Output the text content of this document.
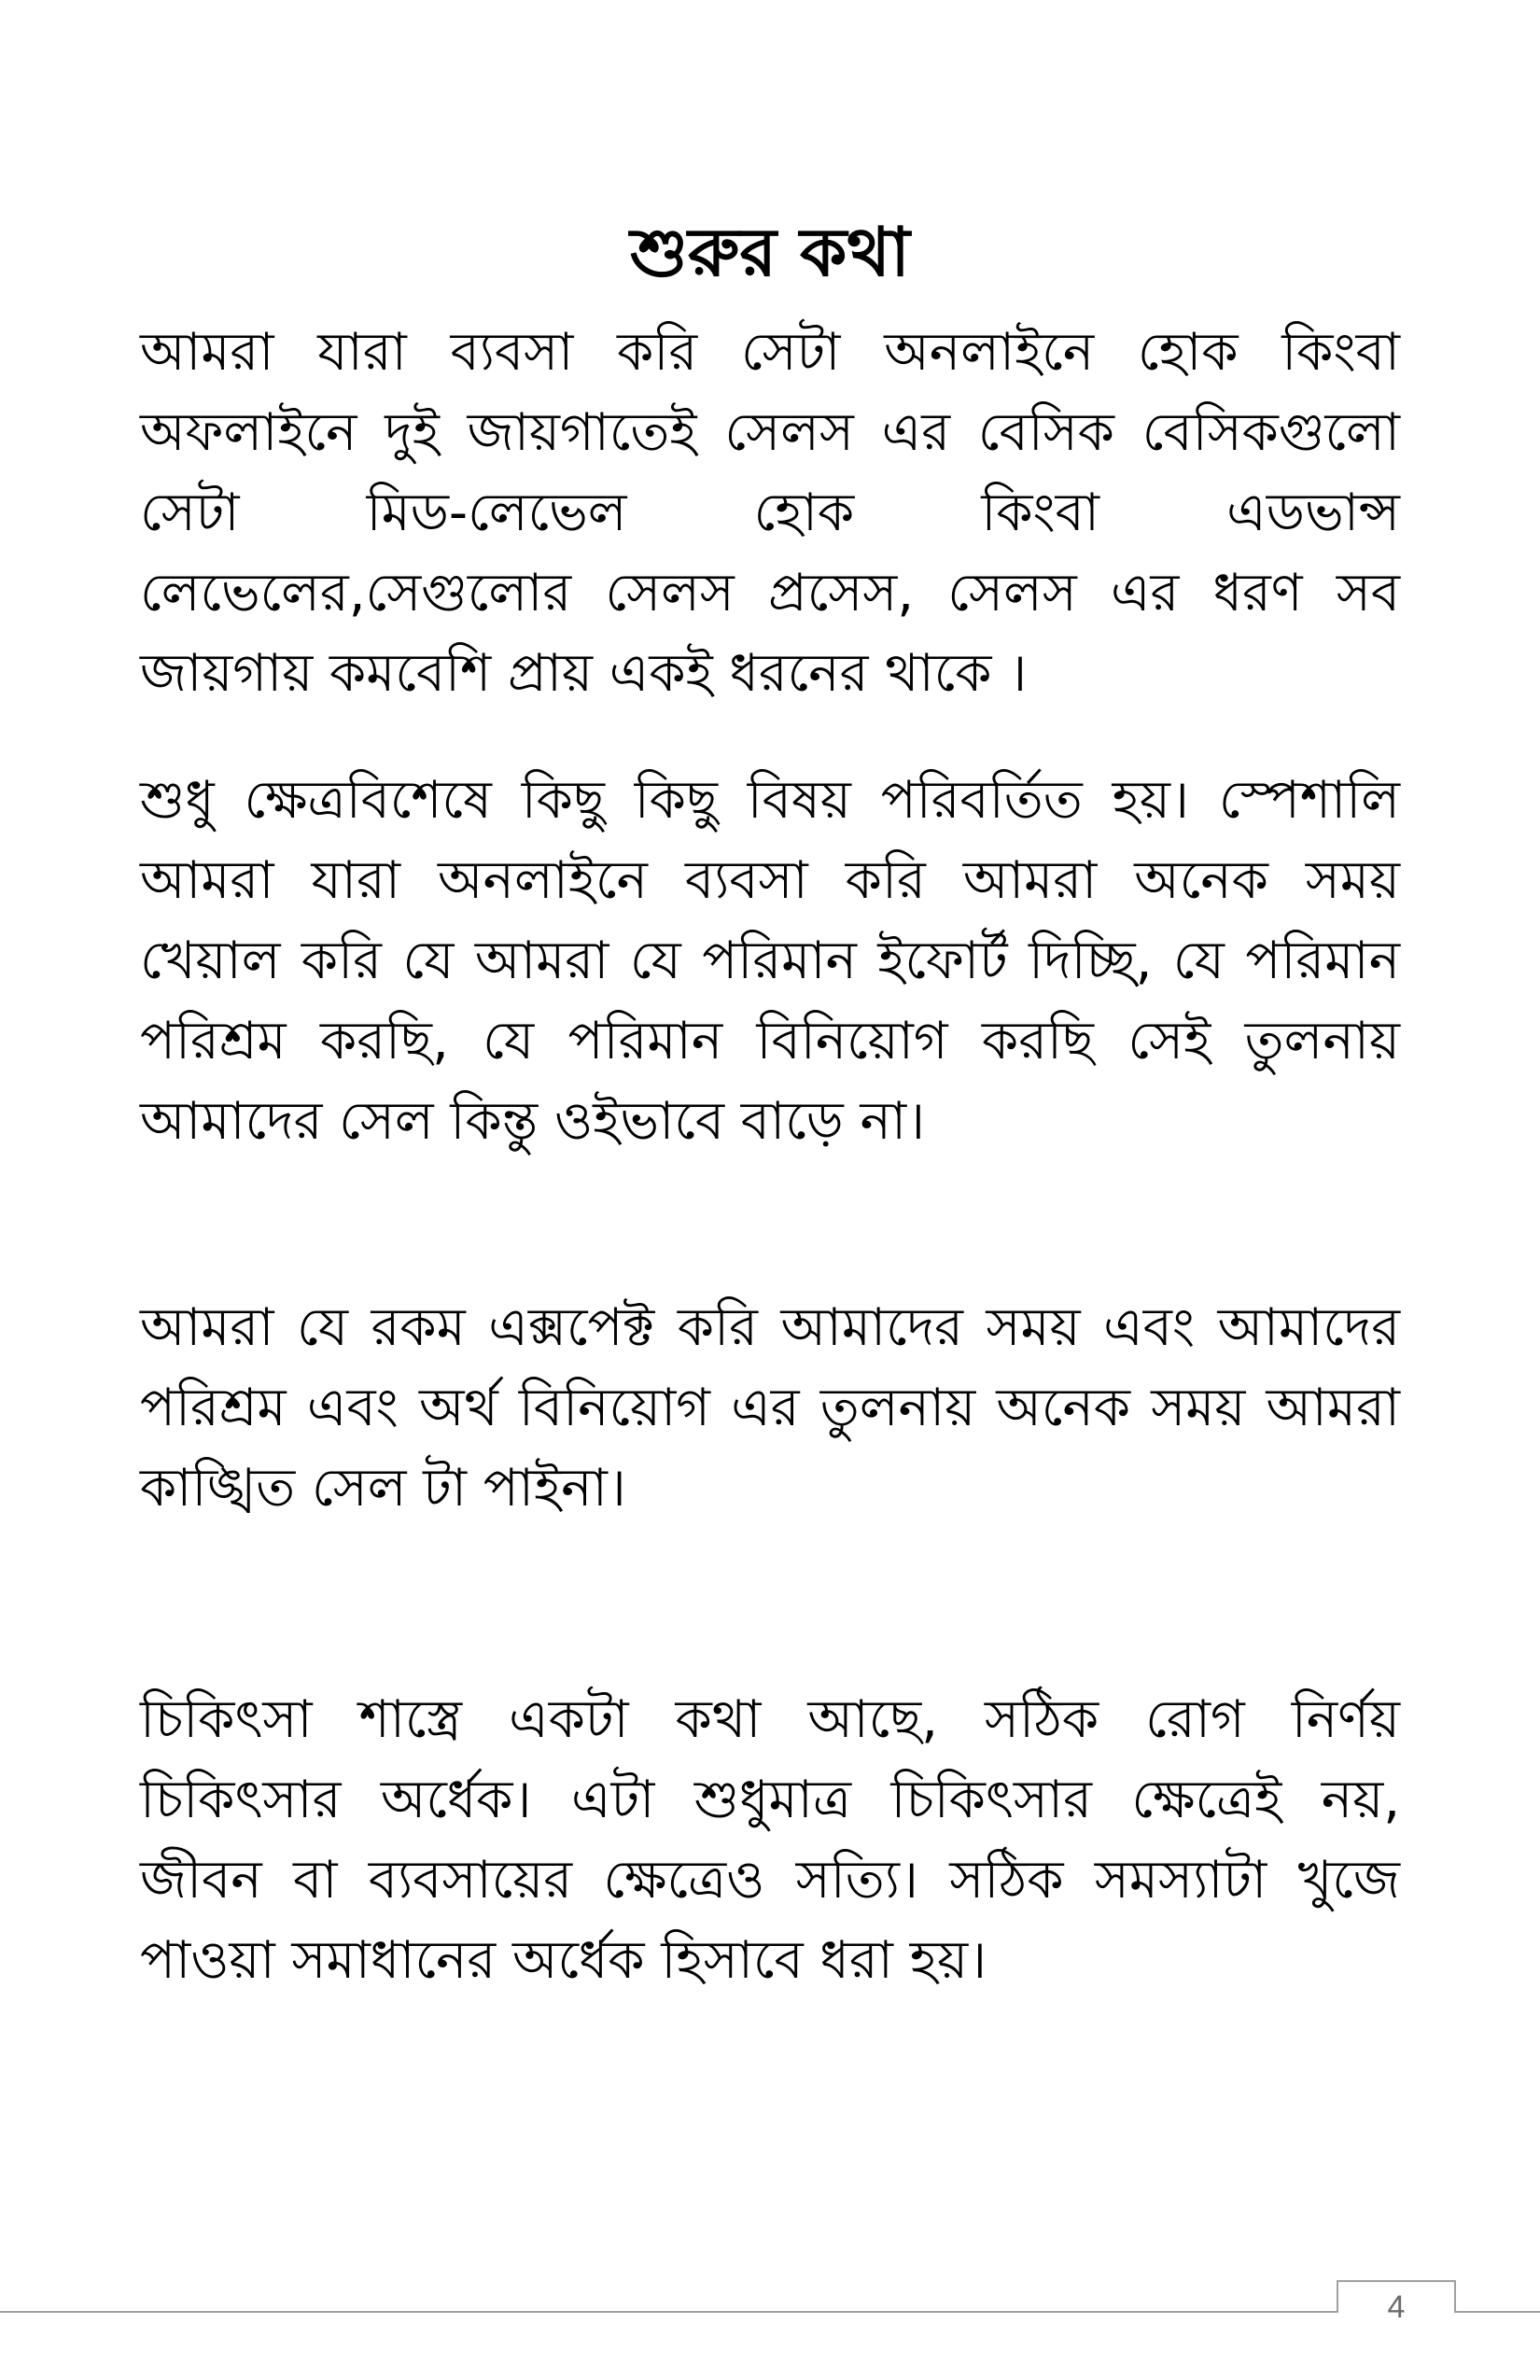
শুরুর কথা

আমরা যারা ব্যবসা করি সেটা অনলাইনে হোক কিংবা অফলাইনে দুই জায়গাতেই সেলস এর বেসিক বেসিকগুলো সেটা মিড-লেভেল হোক কিংবা এডভান্স লেভেলের,সেগুলোর সেলস প্রসেস, সেলস এর ধরণ সব জায়গায় কমবেশি প্রায় একই ধরনের থাকে ।

শুধু ক্ষেত্রবিশেষে কিছু কিছু বিষয় পরিবর্তিত হয়। স্পেশালি আমরা যারা অনলাইনে ব্যবসা করি আমরা অনেক সময় খেয়াল করি যে আমরা যে পরিমান ইফোর্ট দিচ্ছি, যে পরিমান পরিশ্রম করছি, যে পরিমান বিনিয়োগ করছি সেই তুলনায় আমাদের সেল কিন্তু ওইভাবে বাড়ে না।

আমরা যে রকম এক্সপেক্ট করি আমাদের সময় এবং আমাদের পরিশ্রম এবং অর্থ বিনিয়োগ এর তুলনায় অনেক সময় আমরা কাঙ্খিত সেল টা পাইনা।

চিকিৎসা শাস্ত্রে একটা কথা আছে, সঠিক রোগ নির্ণয় চিকিৎসার অর্ধেক। এটা শুধুমাত্র চিকিৎসার ক্ষেত্রেই নয়, জীবন বা ব্যবসায়ের ক্ষেত্রেও সত্যি। সঠিক সমস্যাটা খুজে পাওয়া সমাধানের অর্ধেক হিসাবে ধরা হয়।

4
